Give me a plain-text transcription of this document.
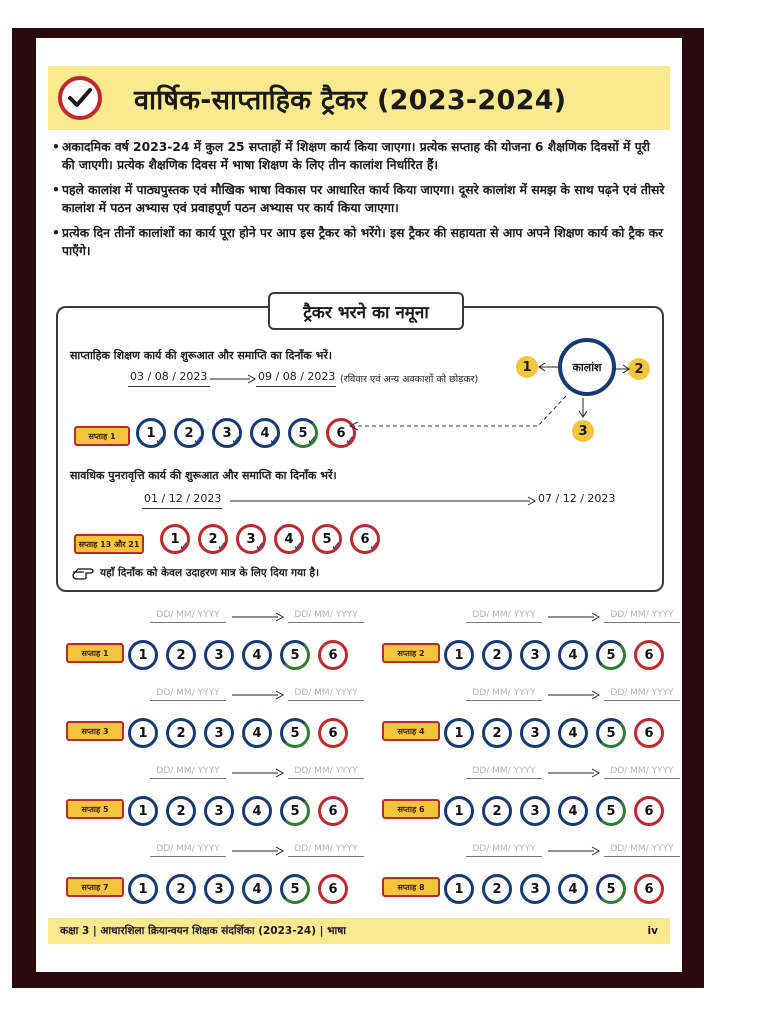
वार्षिक-साप्ताहिक ट्रैकर (2023-2024)
• अकादमिक वर्ष 2023-24 में कुल 25 सप्ताहों में शिक्षण कार्य किया जाएगा। प्रत्येक सप्ताह की योजना 6 शैक्षणिक दिवसों में पूरी की जाएगी। प्रत्येक शैक्षणिक दिवस में भाषा शिक्षण के लिए तीन कालांश निर्धारित हैं।
• पहले कालांश में पाठ्यपुस्तक एवं मौखिक भाषा विकास पर आधारित कार्य किया जाएगा। दूसरे कालांश में समझ के साथ पढ़ने एवं तीसरे कालांश में पठन अभ्यास एवं प्रवाहपूर्ण पठन अभ्यास पर कार्य किया जाएगा।
• प्रत्येक दिन तीनों कालांशों का कार्य पूरा होने पर आप इस ट्रैकर को भरेंगे। इस ट्रैकर की सहायता से आप अपने शिक्षण कार्य को ट्रैक कर पाएँगे।
ट्रैकर भरने का नमूना
साप्ताहिक शिक्षण कार्य की शुरूआत और समाप्ति का दिनाँक भरें।
03 / 08 / 2023	09 / 08 / 2023 (रविवार एवं अन्य अवकाशों को छोड़कर)
कालांश
1	2
3
सप्ताह 1	1 ✓ 2 ✓ 3 ✓ 4 ✓ 5 ✓ 6 ✓
सावधिक पुनरावृत्ति कार्य की शुरूआत और समाप्ति का दिनाँक भरें।
01 / 12 / 2023	07 / 12 / 2023
सप्ताह 13 और 21	1 ✓ 2 ✓ 3 ✓ 4 ✓ 5 ✓ 6 ✓
यहाँ दिनाँक को केवल उदाहरण मात्र के लिए दिया गया है।
DD/ MM/ YYYY	DD/ MM/ YYYY
सप्ताह 1	1 2 3 4 5 6
DD/ MM/ YYYY	DD/ MM/ YYYY
सप्ताह 2	1 2 3 4 5 6
DD/ MM/ YYYY	DD/ MM/ YYYY
सप्ताह 3	1 2 3 4 5 6
DD/ MM/ YYYY	DD/ MM/ YYYY
सप्ताह 4	1 2 3 4 5 6
DD/ MM/ YYYY	DD/ MM/ YYYY
सप्ताह 5	1 2 3 4 5 6
DD/ MM/ YYYY	DD/ MM/ YYYY
सप्ताह 6	1 2 3 4 5 6
DD/ MM/ YYYY	DD/ MM/ YYYY
सप्ताह 7	1 2 3 4 5 6
DD/ MM/ YYYY	DD/ MM/ YYYY
सप्ताह 8	1 2 3 4 5 6
कक्षा 3 | आधारशिला क्रियान्वयन शिक्षक संदर्शिका (2023-24) | भाषा	iv
